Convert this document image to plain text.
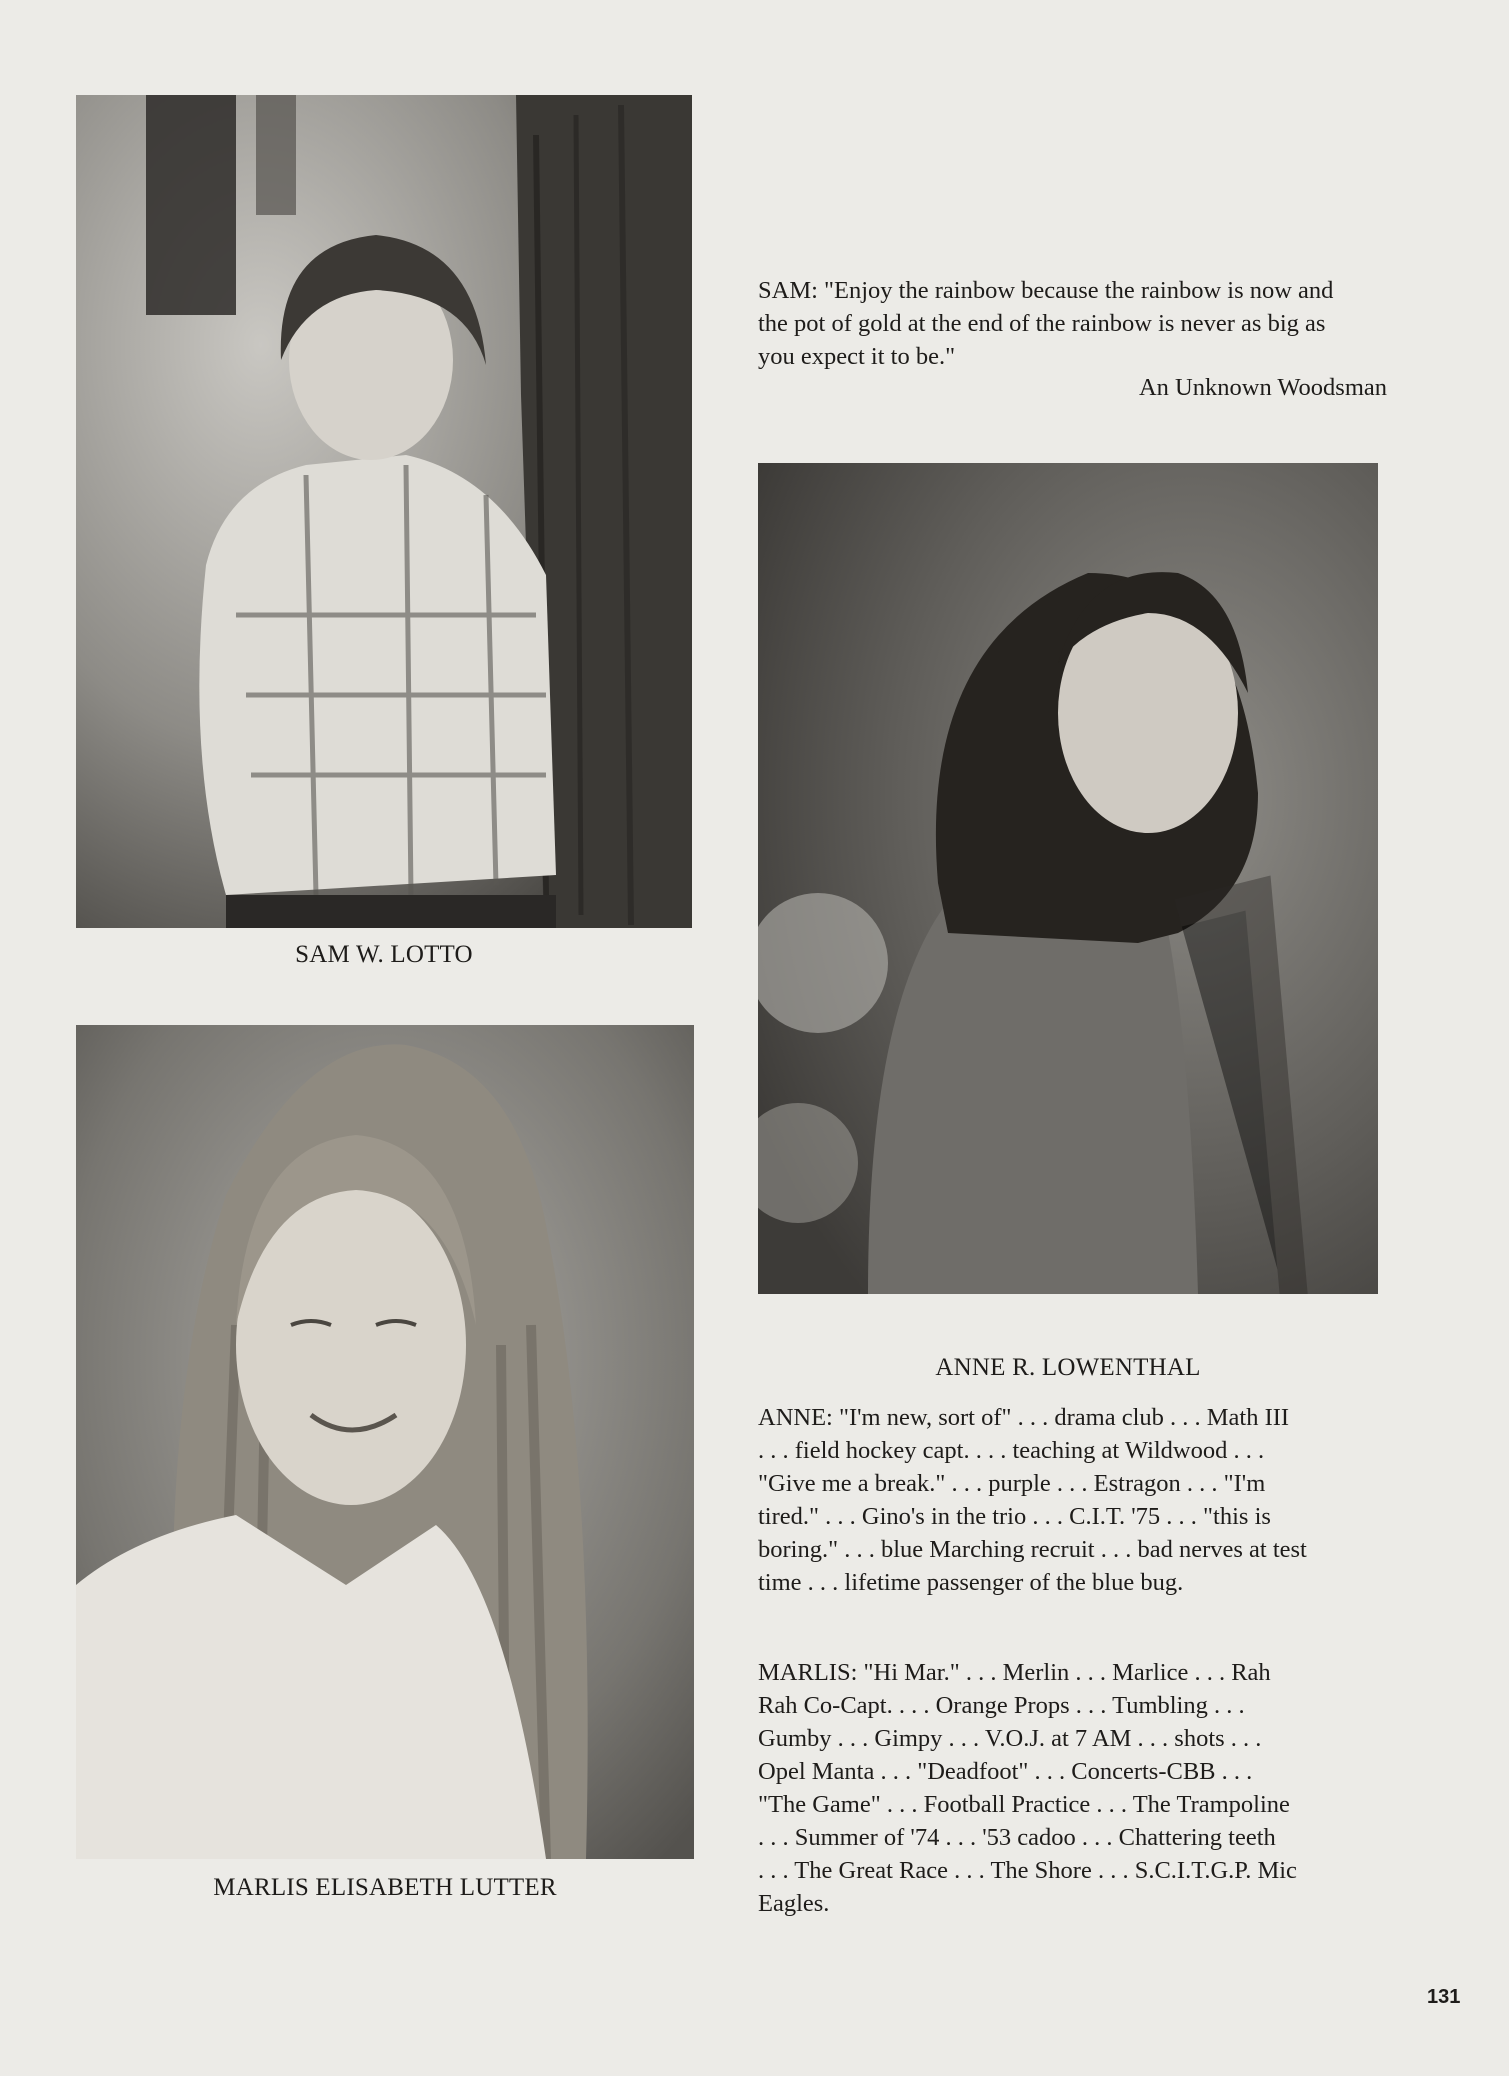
SAM W. LOTTO
SAM: "Enjoy the rainbow because the rainbow is now and
the pot of gold at the end of the rainbow is never as big as
you expect it to be."
An Unknown Woodsman
ANNE R. LOWENTHAL
ANNE: "I'm new, sort of" . . . drama club . . . Math III
. . . field hockey capt. . . . teaching at Wildwood . . .
"Give me a break." . . . purple . . . Estragon . . . "I'm
tired." . . . Gino's in the trio . . . C.I.T. '75 . . . "this is
boring." . . . blue Marching recruit . . . bad nerves at test
time . . . lifetime passenger of the blue bug.
MARLIS ELISABETH LUTTER
MARLIS: "Hi Mar." . . . Merlin . . . Marlice . . . Rah
Rah Co-Capt. . . . Orange Props . . . Tumbling . . .
Gumby . . . Gimpy . . . V.O.J. at 7 AM . . . shots . . .
Opel Manta . . . "Deadfoot" . . . Concerts-CBB . . .
"The Game" . . . Football Practice . . . The Trampoline
. . . Summer of '74 . . . '53 cadoo . . . Chattering teeth
. . . The Great Race . . . The Shore . . . S.C.I.T.G.P. Mic
Eagles.
131
